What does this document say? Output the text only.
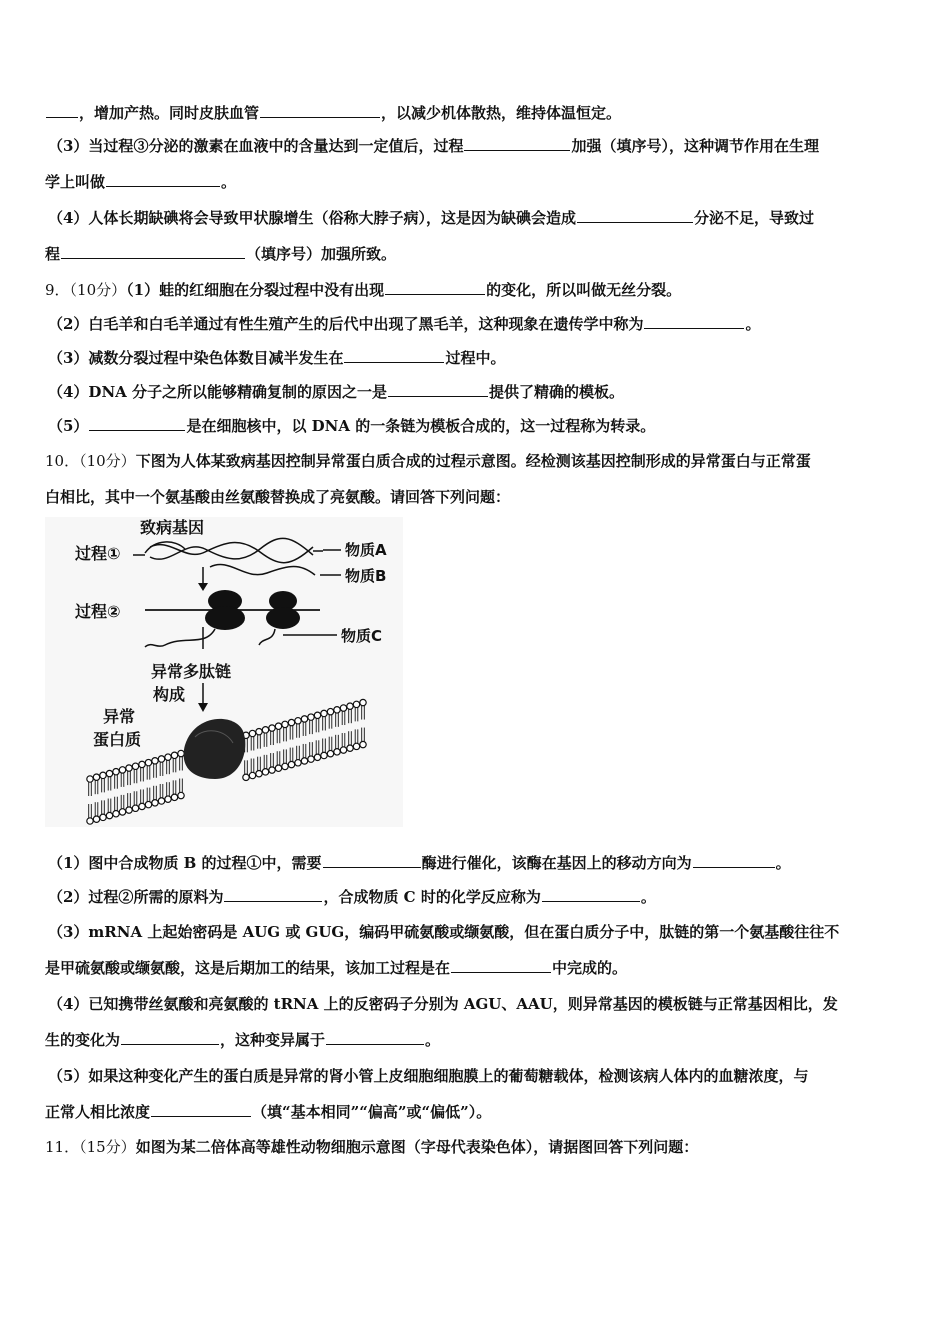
，增加产热。同时皮肤血管	，以减少机体散热，维持体温恒定。
（3）当过程③分泌的激素在血液中的含量达到一定值后，过程	加强（填序号），这种调节作用在生理
学上叫做	。
（4）人体长期缺碘将会导致甲状腺增生（俗称大脖子病），这是因为缺碘会造成	分泌不足，导致过
程	（填序号）加强所致。
9．（10分）（1）蛙的红细胞在分裂过程中没有出现	的变化，所以叫做无丝分裂。
（2）白毛羊和白毛羊通过有性生殖产生的后代中出现了黑毛羊，这种现象在遗传学中称为	。
（3）减数分裂过程中染色体数目减半发生在	过程中。
（4）DNA 分子之所以能够精确复制的原因之一是	提供了精确的模板。
（5）	是在细胞核中，以 DNA 的一条链为模板合成的，这一过程称为转录。
10．（10分）下图为人体某致病基因控制异常蛋白质合成的过程示意图。经检测该基因控制形成的异常蛋白与正常蛋
白相比，其中一个氨基酸由丝氨酸替换成了亮氨酸。请回答下列问题：
致病基因
过程①	物质A
物质B
过程②
物质C
异常多肽链
构成
异常
蛋白质
（1）图中合成物质 B 的过程①中，需要	酶进行催化，该酶在基因上的移动方向为	。
（2）过程②所需的原料为	，合成物质 C 时的化学反应称为	。
（3）mRNA 上起始密码是 AUG 或 GUG，编码甲硫氨酸或缬氨酸，但在蛋白质分子中，肽链的第一个氨基酸往往不
是甲硫氨酸或缬氨酸，这是后期加工的结果，该加工过程是在	中完成的。
（4）已知携带丝氨酸和亮氨酸的 tRNA 上的反密码子分别为 AGU、AAU，则异常基因的模板链与正常基因相比，发
生的变化为	，这种变异属于	。
（5）如果这种变化产生的蛋白质是异常的肾小管上皮细胞细胞膜上的葡萄糖载体，检测该病人体内的血糖浓度，与
正常人相比浓度	（填“基本相同”“偏高”或“偏低”）。
11．（15分）如图为某二倍体高等雄性动物细胞示意图（字母代表染色体），请据图回答下列问题：
